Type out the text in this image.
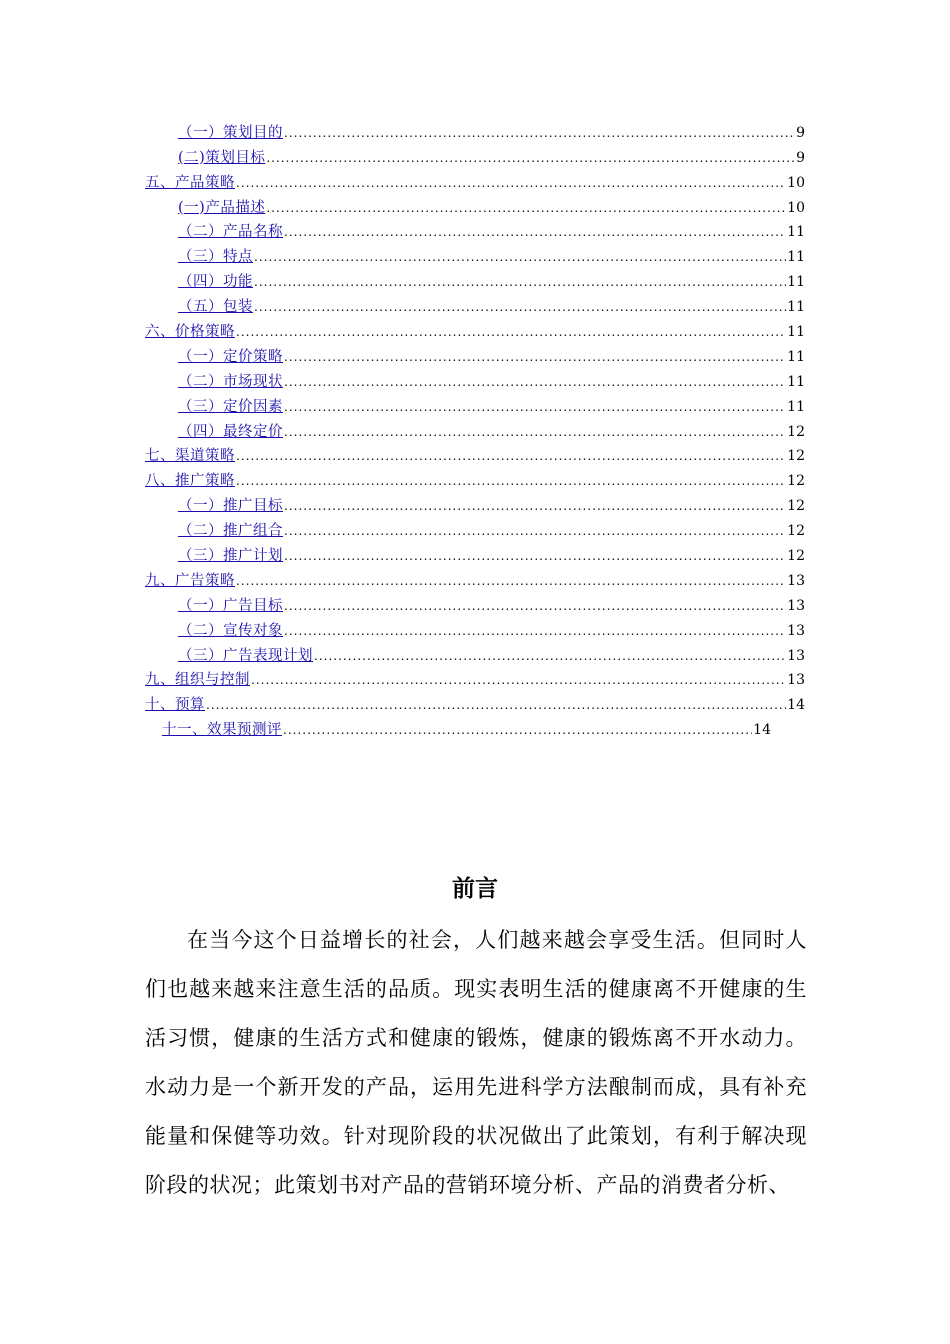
（一）策划目的 .....	9
(二)策划目标 .....	9
五、产品策略 .....	10
(一)产品描述 .....	10
（二）产品名称 .....	11
（三）特点 .....	11
（四）功能 .....	11
（五）包装 .....	11
六、价格策略 .....	11
（一）定价策略 .....	11
（二）市场现状 .....	11
（三）定价因素 .....	11
（四）最终定价 .....	12
七、渠道策略 .....	12
八、推广策略 .....	12
（一）推广目标 .....	12
（二）推广组合 .....	12
（三）推广计划 .....	12
九、广告策略 .....	13
（一）广告目标 .....	13
（二）宣传对象 .....	13
（三）广告表现计划 .....	13
九、组织与控制 .....	13
十、预算 .....	14
十一、效果预测评 .....	14
前言

在当今这个日益增长的社会，人们越来越会享受生活。但同时人们也越来越来注意生活的品质。现实表明生活的健康离不开健康的生活习惯，健康的生活方式和健康的锻炼，健康的锻炼离不开水动力。水动力是一个新开发的产品，运用先进科学方法酿制而成，具有补充能量和保健等功效。针对现阶段的状况做出了此策划，有利于解决现阶段的状况；此策划书对产品的营销环境分析、产品的消费者分析、
